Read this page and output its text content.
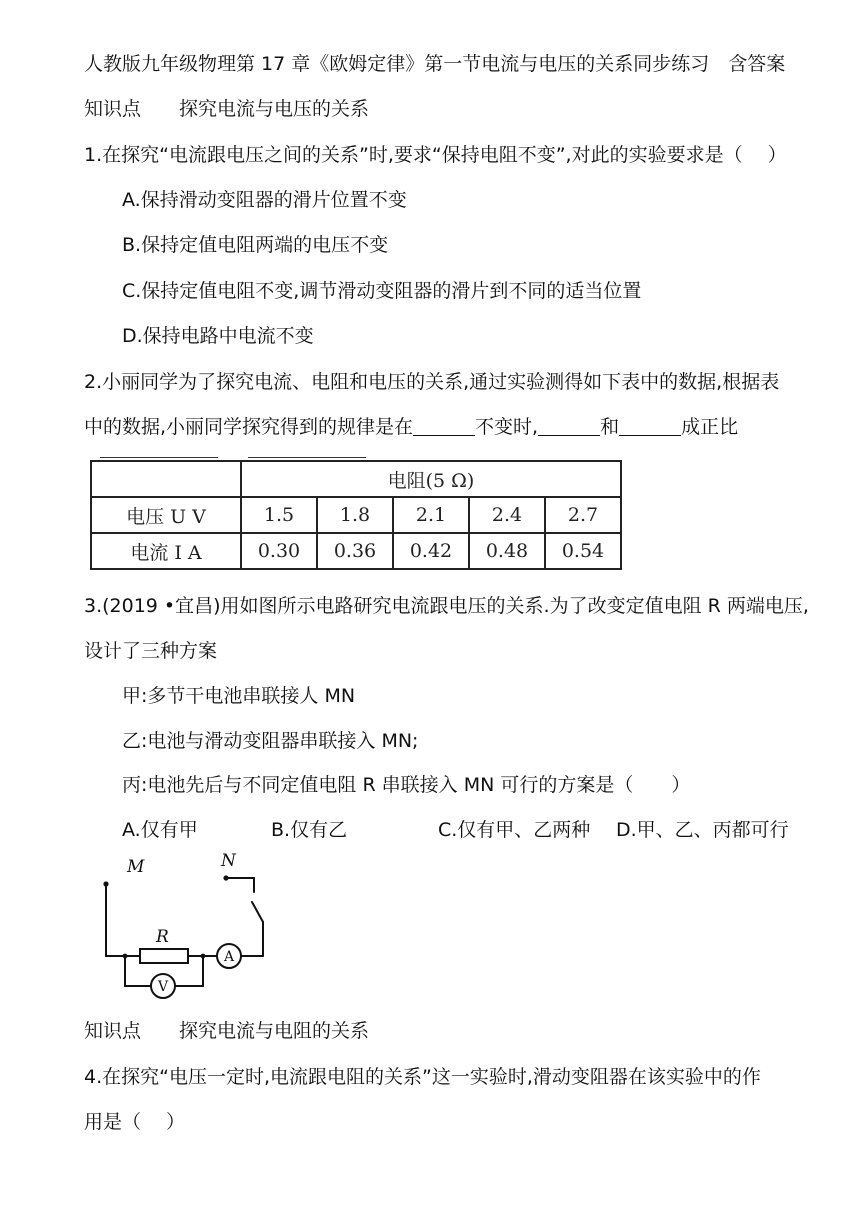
人教版九年级物理第 17 章《欧姆定律》第一节电流与电压的关系同步练习　含答案
知识点　　探究电流与电压的关系
1.在探究“电流跟电压之间的关系”时,要求“保持电阻不变”,对此的实验要求是（　 ）
A.保持滑动变阻器的滑片位置不变
B.保持定值电阻两端的电压不变
C.保持定值电阻不变,调节滑动变阻器的滑片到不同的适当位置
D.保持电路中电流不变
2.小丽同学为了探究电流、电阻和电压的关系,通过实验测得如下表中的数据,根据表
中的数据,小丽同学探究得到的规律是在	不变时,	和	成正比
	电阻(5 Ω)				
电压 U V	1.5	1.8	2.1	2.4	2.7
电流 I A	0.30	0.36	0.42	0.48	0.54
3.(2019 •宜昌)用如图所示电路研究电流跟电压的关系.为了改变定值电阻 R 两端电压,
设计了三种方案
甲:多节干电池串联接人 MN
乙:电池与滑动变阻器串联接入 MN;
丙:电池先后与不同定值电阻 R 串联接入 MN 可行的方案是（　　）
A.仅有甲	B.仅有乙	C.仅有甲、乙两种 D.甲、乙、丙都可行
M	N
R
A
V
知识点　　探究电流与电阻的关系
4.在探究“电压一定时,电流跟电阻的关系”这一实验时,滑动变阻器在该实验中的作
用是（　 ）
